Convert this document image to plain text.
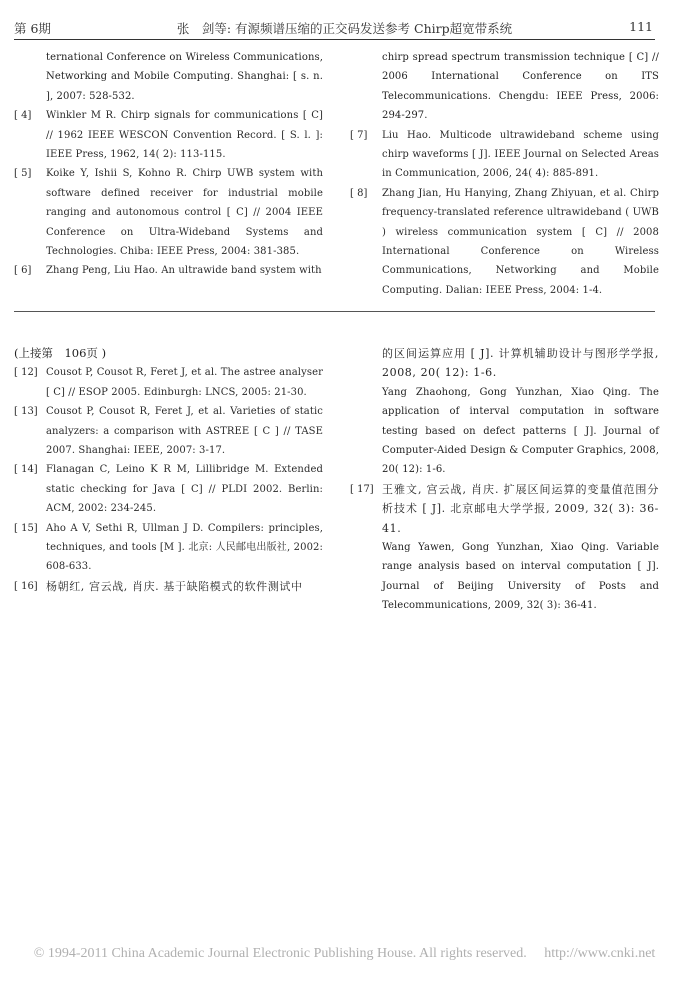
第 6期	张　剑等: 有源频谱压缩的正交码发送参考 Chirp超宽带系统	111
ternational Conference on Wireless Communications, Networking and Mobile Computing. Shanghai: [ s. n. ], 2007: 528-532.
[ 4]	Winkler M R. Chirp signals for communications [ C] // 1962 IEEE WESCON Convention Record. [ S. l. ]: IEEE Press, 1962, 14( 2): 113-115.
[ 5]	Koike Y, Ishii S, Kohno R. Chirp UWB system with software defined receiver for industrial mobile ranging and autonomous control [ C] // 2004 IEEE Conference on Ultra-Wideband Systems and Technologies. Chiba: IEEE Press, 2004: 381-385.
[ 6]	Zhang Peng, Liu Hao. An ultrawide band system with
chirp spread spectrum transmission technique [ C] // 2006 International Conference on ITS Telecommunications. Chengdu: IEEE Press, 2006: 294-297.
[ 7]	Liu Hao. Multicode ultrawideband scheme using chirp waveforms [ J]. IEEE Journal on Selected Areas in Communication, 2006, 24( 4): 885-891.
[ 8]	Zhang Jian, Hu Hanying, Zhang Zhiyuan, et al. Chirp frequency-translated reference ultrawideband ( UWB ) wireless communication system [ C] // 2008 International Conference on Wireless Communications, Networking and Mobile Computing. Dalian: IEEE Press, 2004: 1-4.
(上接第　106页 )
[ 12] Cousot P, Cousot R, Feret J, et al. The astree analyser [ C] // ESOP 2005. Edinburgh: LNCS, 2005: 21-30.
[ 13] Cousot P, Cousot R, Feret J, et al. Varieties of static analyzers: a comparison with ASTREE [ C ] // TASE 2007. Shanghai: IEEE, 2007: 3-17.
[ 14] Flanagan C, Leino K R M, Lillibridge M. Extended static checking for Java [ C] // PLDI 2002. Berlin: ACM, 2002: 234-245.
[ 15] Aho A V, Sethi R, Ullman J D. Compilers: principles, techniques, and tools [M ]. 北京: 人民邮电出版社, 2002: 608-633.
[ 16] 杨朝红, 宫云战, 肖庆. 基于缺陷模式的软件测试中
的区间运算应用 [ J]. 计算机辅助设计与图形学学报, 2008, 20( 12): 1-6.
Yang Zhaohong, Gong Yunzhan, Xiao Qing. The application of interval computation in software testing based on defect patterns [ J]. Journal of Computer-Aided Design & Computer Graphics, 2008, 20( 12): 1-6.
[ 17] 王雅文, 宫云战, 肖庆. 扩展区间运算的变量值范围分析技术 [ J]. 北京邮电大学学报, 2009, 32( 3): 36-41.
Wang Yawen, Gong Yunzhan, Xiao Qing. Variable range analysis based on interval computation [ J]. Journal of Beijing University of Posts and Telecommunications, 2009, 32( 3): 36-41.
© 1994-2011 China Academic Journal Electronic Publishing House. All rights reserved.　 http://www.cnki.net
